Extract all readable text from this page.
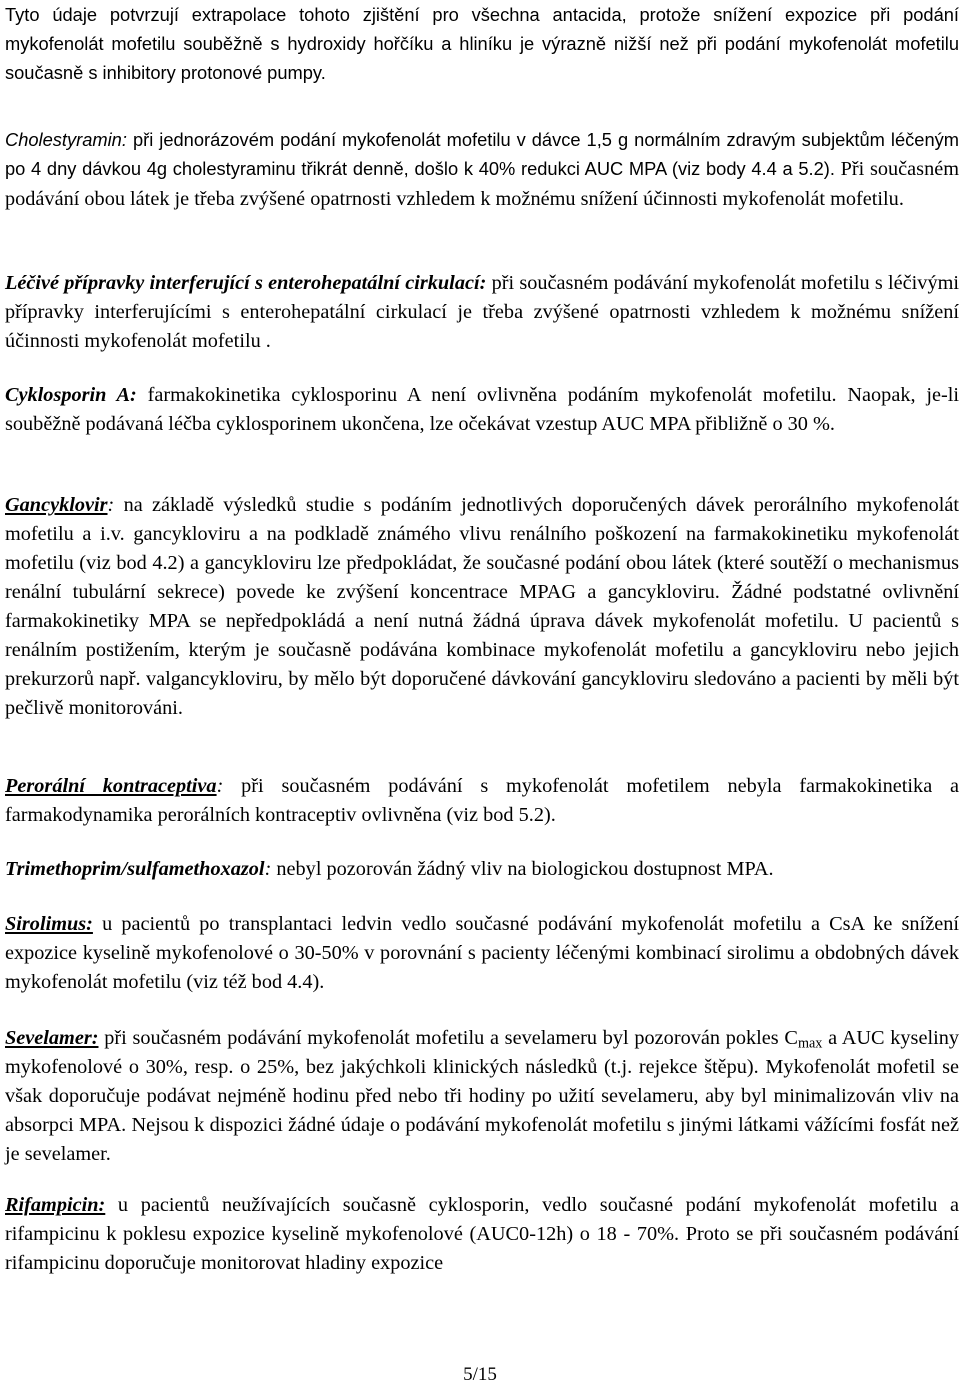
Tyto údaje potvrzují extrapolace tohoto zjištění pro všechna antacida, protože snížení expozice při podání mykofenolát mofetilu souběžně s hydroxidy hořčíku a hliníku je výrazně nižší než při podání mykofenolát mofetilu současně s inhibitory protonové pumpy.

Cholestyramin: při jednorázovém podání mykofenolát mofetilu v dávce 1,5 g normálním zdravým subjektům léčeným po 4 dny dávkou 4g cholestyraminu třikrát denně, došlo k 40% redukci AUC MPA (viz body 4.4 a 5.2). Při současném podávání obou látek je třeba zvýšené opatrnosti vzhledem k možnému snížení účinnosti mykofenolát mofetilu.

Léčivé přípravky interferující s enterohepatální cirkulací: při současném podávání mykofenolát mofetilu s léčivými přípravky interferujícími s enterohepatální cirkulací je třeba zvýšené opatrnosti vzhledem k možnému snížení účinnosti mykofenolát mofetilu .

Cyklosporin A: farmakokinetika cyklosporinu A není ovlivněna podáním mykofenolát mofetilu. Naopak, je-li souběžně podávaná léčba cyklosporinem ukončena, lze očekávat vzestup AUC MPA přibližně o 30 %.

Gancyklovir: na základě výsledků studie s podáním jednotlivých doporučených dávek perorálního mykofenolát mofetilu a i.v. gancykloviru a na podkladě známého vlivu renálního poškození na farmakokinetiku mykofenolát mofetilu (viz bod 4.2) a gancykloviru lze předpokládat, že současné podání obou látek (které soutěží o mechanismus renální tubulární sekrece) povede ke zvýšení koncentrace MPAG a gancykloviru. Žádné podstatné ovlivnění farmakokinetiky MPA se nepředpokládá a není nutná žádná úprava dávek mykofenolát mofetilu. U pacientů s renálním postižením, kterým je současně podávána kombinace mykofenolát mofetilu a gancykloviru nebo jejich prekurzorů např. valgancykloviru, by mělo být doporučené dávkování gancykloviru sledováno a pacienti by měli být pečlivě monitorováni.

Perorální kontraceptiva: při současném podávání s mykofenolát mofetilem nebyla farmakokinetika a farmakodynamika perorálních kontraceptiv ovlivněna (viz bod 5.2).

Trimethoprim/sulfamethoxazol: nebyl pozorován žádný vliv na biologickou dostupnost MPA.

Sirolimus: u pacientů po transplantaci ledvin vedlo současné podávání mykofenolát mofetilu a CsA ke snížení expozice kyselině mykofenolové o 30-50% v porovnání s pacienty léčenými kombinací sirolimu a obdobných dávek mykofenolát mofetilu (viz též bod 4.4).

Sevelamer: při současném podávání mykofenolát mofetilu a sevelameru byl pozorován pokles $C_{max}$ a AUC kyseliny mykofenolové o 30%, resp. o 25%, bez jakýchkoli klinických následků (t.j. rejekce štěpu). Mykofenolát mofetil se však doporučuje podávat nejméně hodinu před nebo tři hodiny po užití sevelameru, aby byl minimalizován vliv na absorpci MPA. Nejsou k dispozici žádné údaje o podávání mykofenolát mofetilu s jinými látkami vážícími fosfát než je sevelamer.

Rifampicin: u pacientů neužívajících současně cyklosporin, vedlo současné podání mykofenolát mofetilu a rifampicinu k poklesu expozice kyselině mykofenolové (AUC0-12h) o 18 - 70%. Proto se při současném podávání rifampicinu doporučuje monitorovat hladiny expozice

5/15
